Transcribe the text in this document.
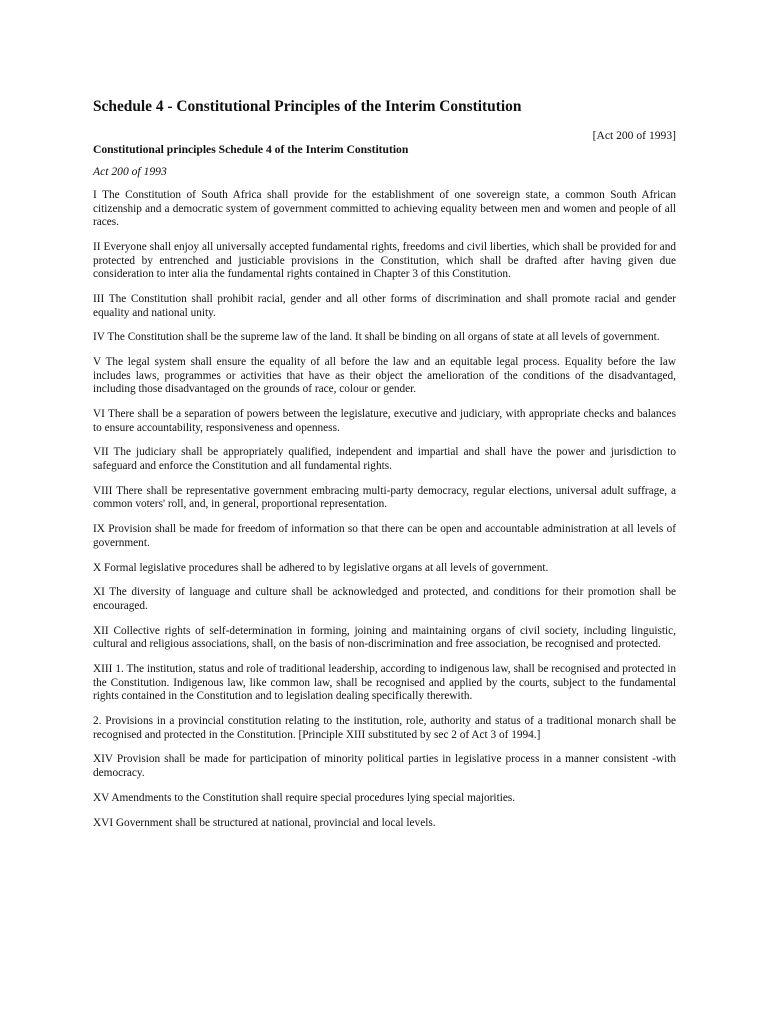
Schedule 4 - Constitutional Principles of the Interim Constitution

[Act 200 of 1993]

Constitutional principles Schedule 4 of the Interim Constitution

Act 200 of 1993

I The Constitution of South Africa shall provide for the establishment of one sovereign state, a common South African citizenship and a democratic system of government committed to achieving equality between men and women and people of all races.

II Everyone shall enjoy all universally accepted fundamental rights, freedoms and civil liberties, which shall be provided for and protected by entrenched and justiciable provisions in the Constitution, which shall be drafted after having given due consideration to inter alia the fundamental rights contained in Chapter 3 of this Constitution.

III The Constitution shall prohibit racial, gender and all other forms of discrimination and shall promote racial and gender equality and national unity.

IV The Constitution shall be the supreme law of the land. It shall be binding on all organs of state at all levels of government.

V The legal system shall ensure the equality of all before the law and an equitable legal process. Equality before the law includes laws, programmes or activities that have as their object the amelioration of the conditions of the disadvantaged, including those disadvantaged on the grounds of race, colour or gender.

VI There shall be a separation of powers between the legislature, executive and judiciary, with appropriate checks and balances to ensure accountability, responsiveness and openness.

VII The judiciary shall be appropriately qualified, independent and impartial and shall have the power and jurisdiction to safeguard and enforce the Constitution and all fundamental rights.

VIII There shall be representative government embracing multi-party democracy, regular elections, universal adult suffrage, a common voters' roll, and, in general, proportional representation.

IX Provision shall be made for freedom of information so that there can be open and accountable administration at all levels of government.

X Formal legislative procedures shall be adhered to by legislative organs at all levels of government.

XI The diversity of language and culture shall be acknowledged and protected, and conditions for their promotion shall be encouraged.

XII Collective rights of self-determination in forming, joining and maintaining organs of civil society, including linguistic, cultural and religious associations, shall, on the basis of non-discrimination and free association, be recognised and protected.

XIII 1. The institution, status and role of traditional leadership, according to indigenous law, shall be recognised and protected in the Constitution. Indigenous law, like common law, shall be recognised and applied by the courts, subject to the fundamental rights contained in the Constitution and to legislation dealing specifically therewith.

2. Provisions in a provincial constitution relating to the institution, role, authority and status of a traditional monarch shall be recognised and protected in the Constitution. [Principle XIII substituted by sec 2 of Act 3 of 1994.]

XIV Provision shall be made for participation of minority political parties in legislative process in a manner consistent -with democracy.

XV Amendments to the Constitution shall require special procedures lying special majorities.

XVI Government shall be structured at national, provincial and local levels.
